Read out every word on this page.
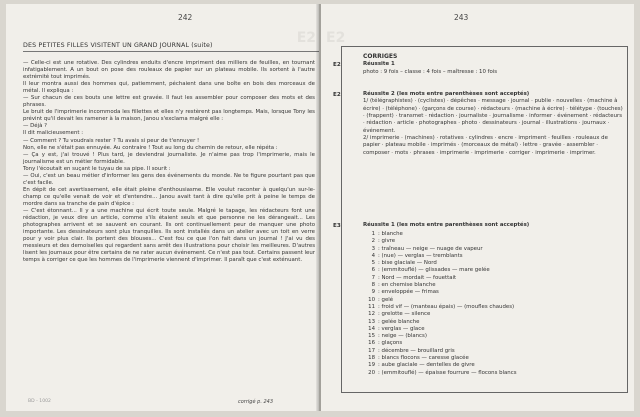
242
E2
DES PETITES FILLES VISITENT UN GRAND JOURNAL (suite)

— Celle-ci est une rotative. Des cylindres enduits d'encre impriment des milliers de feuilles, en tournant infatigablement. A un bout on pose des rouleaux de papier sur un plateau mobile. Ils sortent à l'autre extrémité tout imprimés.

Il leur montra aussi des hommes qui, patiemment, péchaient dans une boîte en bois des morceaux de métal. Il expliqua :

— Sur chacun de ces bouts une lettre est gravée. Il faut les assembler pour composer des mots et des phrases.

Le bruit de l'imprimerie incommoda les fillettes et elles n'y restèrent pas longtemps. Mais, lorsque Tony les prévint qu'il devait les ramener à la maison, Janou s'exclama malgré elle :

— Déjà ?

Il dit malicieusement :

— Comment ? Tu voudrais rester ? Tu avais si peur de t'ennuyer !

Non, elle ne s'était pas ennuyée. Au contraire ! Tout au long du chemin de retour, elle répéta :

— Ça y est, j'ai trouvé ! Plus tard, je deviendrai journaliste. Je n'aime pas trop l'imprimerie, mais le journalisme est un métier formidable.

Tony l'écoutait en suçant le tuyau de sa pipe. Il sourit :

— Oui, c'est un beau métier d'informer les gens des événements du monde. Ne te figure pourtant pas que c'est facile.

En dépit de cet avertissement, elle était pleine d'enthousiasme. Elle voulut raconter à quelqu'un sur-le-champ ce qu'elle venait de voir et d'entendre... Janou avait tant à dire qu'elle prit à peine le temps de mordre dans sa tranche de pain d'épice :

— C'est étonnant... Il y a une machine qui écrit toute seule. Malgré le tapage, les rédacteurs font une rédaction, je veux dire un article, comme s'ils étaient seuls et que personne ne les dérangeait... Les photographes arrivent et se sauvent en courant. Ils ont continuellement peur de manquer une photo importante. Les dessinateurs sont plus tranquilles. Ils sont installés dans un atelier avec un toit en verre pour y voir plus clair. Ils portent des blouses... C'est fou ce que l'on fait dans un journal ! J'ai vu des messieurs et des demoiselles qui regardent sans arrêt des illustrations pour choisir les meilleures. D'autres lisent les journaux pour être certains de ne rater aucun événement. Ce n'est pas tout. Certains passent leur temps à corriger ce que les hommes de l'imprimerie viennent d'imprimer. Il paraît que c'est exténuant.

BD - 1002	corrigé p. 243
243
E2
CORRIGES
E2	Réussite 1

photo : 9 fois – classe : 4 fois – maîtresse : 10 fois

E2	Réussite 2 (les mots entre parenthèses sont acceptés)

1/ (télégraphistes) · (cyclistes) · dépêches · message · journal · publie · nouvelles · (machine à écrire) · (téléphone) · (garçons de course) · rédacteurs · (machine à écrire) · télétype · (touches) · (frappent) · transmet · rédaction · journaliste · journalisme · informer · événement · rédacteurs · rédaction · article · photographes · photo · dessinateurs · journal · illustrations · journaux · événement.

2/ imprimerie · (machines) · rotatives · cylindres · encre · impriment · feuilles · rouleaux de papier · plateau mobile · imprimés · (morceaux de métal) · lettre · gravée · assembler · composer · mots · phrases · imprimerie · imprimerie · corriger · imprimerie · imprimer.

E3	Réussite 1 (les mots entre parenthèses sont acceptés)

1 : blanche
2 : givre
3 : traîneau — neige — nuage de vapeur
4 : (nue) — verglas — tremblants
5 : bise glaciale — Nord
6 : (emmitouflé) — glissades — mare gelée
7 : Nord — mordait — fouettait
8 : en chemise blanche
9 : enveloppée — frimas
10 : gelé
11 : froid vif — (manteau épais) — (moufles chaudes)
12 : grelotte — silence
13 : gelée blanche
14 : verglas — glace
15 : neige — (blancs)
16 : glaçons
17 : décembre — brouillard gris
18 : blancs flocons — caresse glacée
19 : aube glaciale — dentelles de givre
20 : (emmitouflé) — épaisse fourrure — flocons blancs
